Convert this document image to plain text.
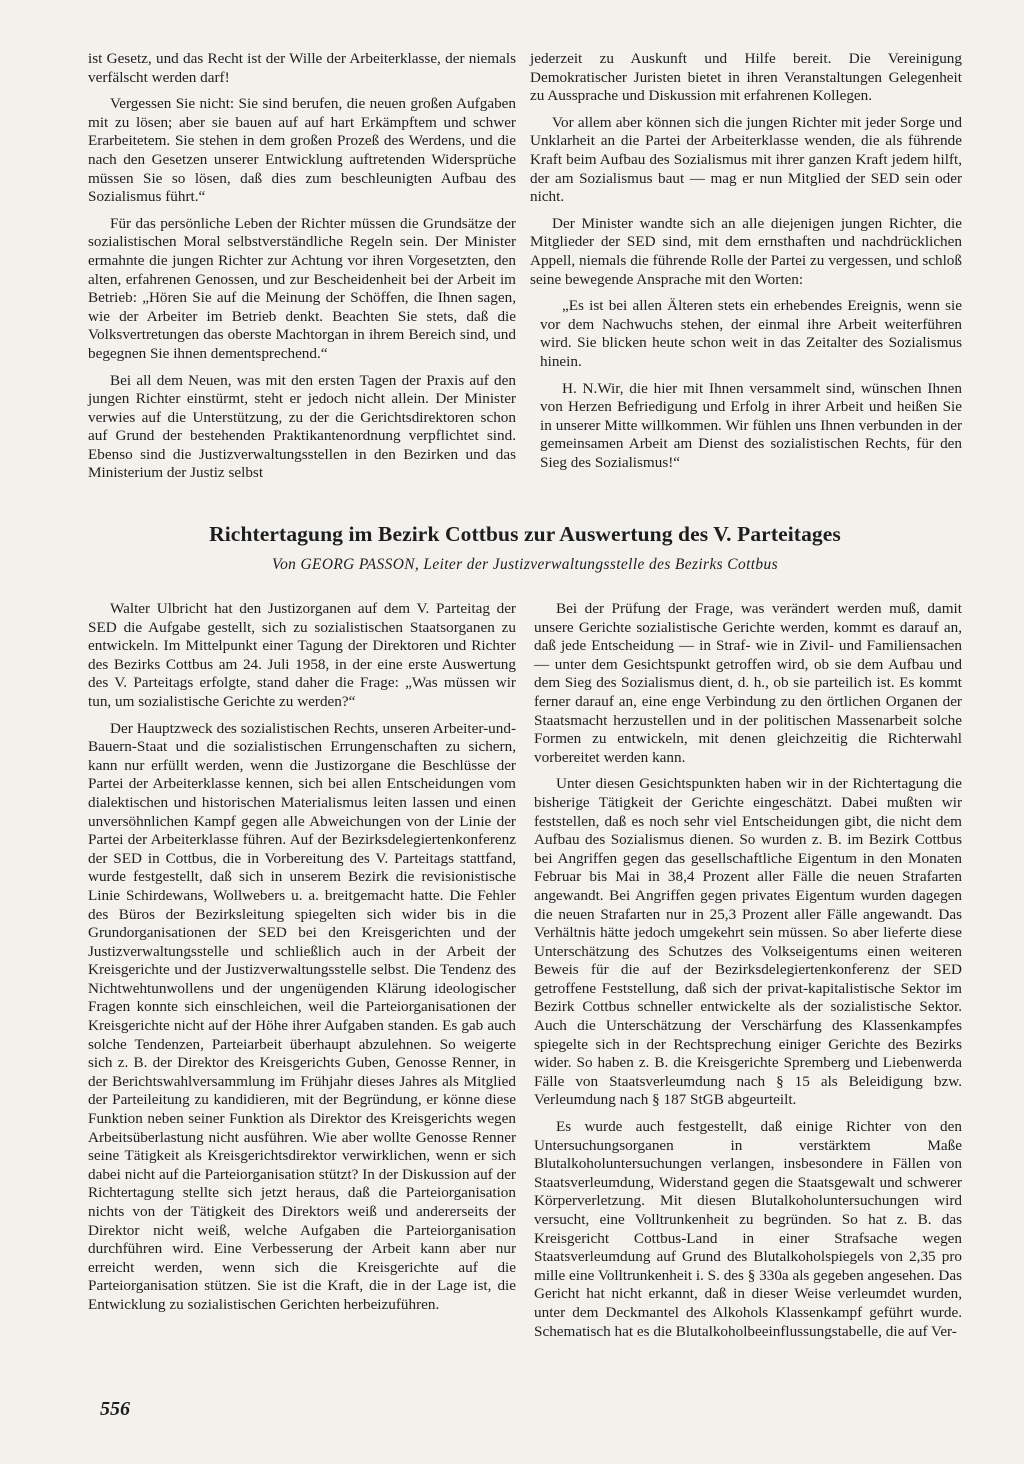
ist Gesetz, und das Recht ist der Wille der Arbeiterklasse, der niemals verfälscht werden darf!

Vergessen Sie nicht: Sie sind berufen, die neuen großen Aufgaben mit zu lösen; aber sie bauen auf auf hart Erkämpftem und schwer Erarbeitetem. Sie stehen in dem großen Prozeß des Werdens, und die nach den Gesetzen unserer Entwicklung auftretenden Widersprüche müssen Sie so lösen, daß dies zum beschleunigten Aufbau des Sozialismus führt.“

Für das persönliche Leben der Richter müssen die Grundsätze der sozialistischen Moral selbstverständliche Regeln sein. Der Minister ermahnte die jungen Richter zur Achtung vor ihren Vorgesetzten, den alten, erfahrenen Genossen, und zur Bescheidenheit bei der Arbeit im Betrieb: „Hören Sie auf die Meinung der Schöffen, die Ihnen sagen, wie der Arbeiter im Betrieb denkt. Beachten Sie stets, daß die Volksvertretungen das oberste Machtorgan in ihrem Bereich sind, und begegnen Sie ihnen dementsprechend.“

Bei all dem Neuen, was mit den ersten Tagen der Praxis auf den jungen Richter einstürmt, steht er jedoch nicht allein. Der Minister verwies auf die Unterstützung, zu der die Gerichtsdirektoren schon auf Grund der bestehenden Praktikantenordnung verpflichtet sind. Ebenso sind die Justizverwaltungsstellen in den Bezirken und das Ministerium der Justiz selbst

jederzeit zu Auskunft und Hilfe bereit. Die Vereinigung Demokratischer Juristen bietet in ihren Veranstaltungen Gelegenheit zu Aussprache und Diskussion mit erfahrenen Kollegen.

Vor allem aber können sich die jungen Richter mit jeder Sorge und Unklarheit an die Partei der Arbeiterklasse wenden, die als führende Kraft beim Aufbau des Sozialismus mit ihrer ganzen Kraft jedem hilft, der am Sozialismus baut — mag er nun Mitglied der SED sein oder nicht.

Der Minister wandte sich an alle diejenigen jungen Richter, die Mitglieder der SED sind, mit dem ernsthaften und nachdrücklichen Appell, niemals die führende Rolle der Partei zu vergessen, und schloß seine bewegende Ansprache mit den Worten:

„Es ist bei allen Älteren stets ein erhebendes Ereignis, wenn sie vor dem Nachwuchs stehen, der einmal ihre Arbeit weiterführen wird. Sie blicken heute schon weit in das Zeitalter des Sozialismus hinein.

H. N.Wir, die hier mit Ihnen versammelt sind, wünschen Ihnen von Herzen Befriedigung und Erfolg in ihrer Arbeit und heißen Sie in unserer Mitte willkommen. Wir fühlen uns Ihnen verbunden in der gemeinsamen Arbeit am Dienst des sozialistischen Rechts, für den Sieg des Sozialismus!“

Richtertagung im Bezirk Cottbus zur Auswertung des V. Parteitages

Von GEORG PASSON, Leiter der Justizverwaltungsstelle des Bezirks Cottbus

Walter Ulbricht hat den Justizorganen auf dem V. Parteitag der SED die Aufgabe gestellt, sich zu sozialistischen Staatsorganen zu entwickeln. Im Mittelpunkt einer Tagung der Direktoren und Richter des Bezirks Cottbus am 24. Juli 1958, in der eine erste Auswertung des V. Parteitags erfolgte, stand daher die Frage: „Was müssen wir tun, um sozialistische Gerichte zu werden?“

Der Hauptzweck des sozialistischen Rechts, unseren Arbeiter-und-Bauern-Staat und die sozialistischen Errungenschaften zu sichern, kann nur erfüllt werden, wenn die Justizorgane die Beschlüsse der Partei der Arbeiterklasse kennen, sich bei allen Entscheidungen vom dialektischen und historischen Materialismus leiten lassen und einen unversöhnlichen Kampf gegen alle Abweichungen von der Linie der Partei der Arbeiterklasse führen. Auf der Bezirksdelegiertenkonferenz der SED in Cottbus, die in Vorbereitung des V. Parteitags stattfand, wurde festgestellt, daß sich in unserem Bezirk die revisionistische Linie Schirdewans, Wollwebers u. a. breitgemacht hatte. Die Fehler des Büros der Bezirksleitung spiegelten sich wider bis in die Grundorganisationen der SED bei den Kreisgerichten und der Justizverwaltungsstelle und schließlich auch in der Arbeit der Kreisgerichte und der Justizverwaltungsstelle selbst. Die Tendenz des Nichtwehtunwollens und der ungenügenden Klärung ideologischer Fragen konnte sich einschleichen, weil die Parteiorganisationen der Kreisgerichte nicht auf der Höhe ihrer Aufgaben standen. Es gab auch solche Tendenzen, Parteiarbeit überhaupt abzulehnen. So weigerte sich z. B. der Direktor des Kreisgerichts Guben, Genosse Renner, in der Berichtswahlversammlung im Frühjahr dieses Jahres als Mitglied der Parteileitung zu kandidieren, mit der Begründung, er könne diese Funktion neben seiner Funktion als Direktor des Kreisgerichts wegen Arbeitsüberlastung nicht ausführen. Wie aber wollte Genosse Renner seine Tätigkeit als Kreisgerichtsdirektor verwirklichen, wenn er sich dabei nicht auf die Parteiorganisation stützt? In der Diskussion auf der Richtertagung stellte sich jetzt heraus, daß die Parteiorganisation nichts von der Tätigkeit des Direktors weiß und andererseits der Direktor nicht weiß, welche Aufgaben die Parteiorganisation durchführen wird. Eine Verbesserung der Arbeit kann aber nur erreicht werden, wenn sich die Kreisgerichte auf die Parteiorganisation stützen. Sie ist die Kraft, die in der Lage ist, die Entwicklung zu sozialistischen Gerichten herbeizuführen.

Bei der Prüfung der Frage, was verändert werden muß, damit unsere Gerichte sozialistische Gerichte werden, kommt es darauf an, daß jede Entscheidung — in Straf- wie in Zivil- und Familiensachen — unter dem Gesichtspunkt getroffen wird, ob sie dem Aufbau und dem Sieg des Sozialismus dient, d. h., ob sie parteilich ist. Es kommt ferner darauf an, eine enge Verbindung zu den örtlichen Organen der Staatsmacht herzustellen und in der politischen Massenarbeit solche Formen zu entwickeln, mit denen gleichzeitig die Richterwahl vorbereitet werden kann.

Unter diesen Gesichtspunkten haben wir in der Richtertagung die bisherige Tätigkeit der Gerichte eingeschätzt. Dabei mußten wir feststellen, daß es noch sehr viel Entscheidungen gibt, die nicht dem Aufbau des Sozialismus dienen. So wurden z. B. im Bezirk Cottbus bei Angriffen gegen das gesellschaftliche Eigentum in den Monaten Februar bis Mai in 38,4 Prozent aller Fälle die neuen Strafarten angewandt. Bei Angriffen gegen privates Eigentum wurden dagegen die neuen Strafarten nur in 25,3 Prozent aller Fälle angewandt. Das Verhältnis hätte jedoch umgekehrt sein müssen. So aber lieferte diese Unterschätzung des Schutzes des Volkseigentums einen weiteren Beweis für die auf der Bezirksdelegiertenkonferenz der SED getroffene Feststellung, daß sich der privat-kapitalistische Sektor im Bezirk Cottbus schneller entwickelte als der sozialistische Sektor. Auch die Unterschätzung der Verschärfung des Klassenkampfes spiegelte sich in der Rechtsprechung einiger Gerichte des Bezirks wider. So haben z. B. die Kreisgerichte Spremberg und Liebenwerda Fälle von Staatsverleumdung nach § 15 als Beleidigung bzw. Verleumdung nach § 187 StGB abgeurteilt.

Es wurde auch festgestellt, daß einige Richter von den Untersuchungsorganen in verstärktem Maße Blutalkoholuntersuchungen verlangen, insbesondere in Fällen von Staatsverleumdung, Widerstand gegen die Staatsgewalt und schwerer Körperverletzung. Mit diesen Blutalkoholuntersuchungen wird versucht, eine Volltrunkenheit zu begründen. So hat z. B. das Kreisgericht Cottbus-Land in einer Strafsache wegen Staatsverleumdung auf Grund des Blutalkoholspiegels von 2,35 pro mille eine Volltrunkenheit i. S. des § 330a als gegeben angesehen. Das Gericht hat nicht erkannt, daß in dieser Weise verleumdet wurden, unter dem Deckmantel des Alkohols Klassenkampf geführt wurde. Schematisch hat es die Blutalkoholbeeinflussungstabelle, die auf Ver-

556
